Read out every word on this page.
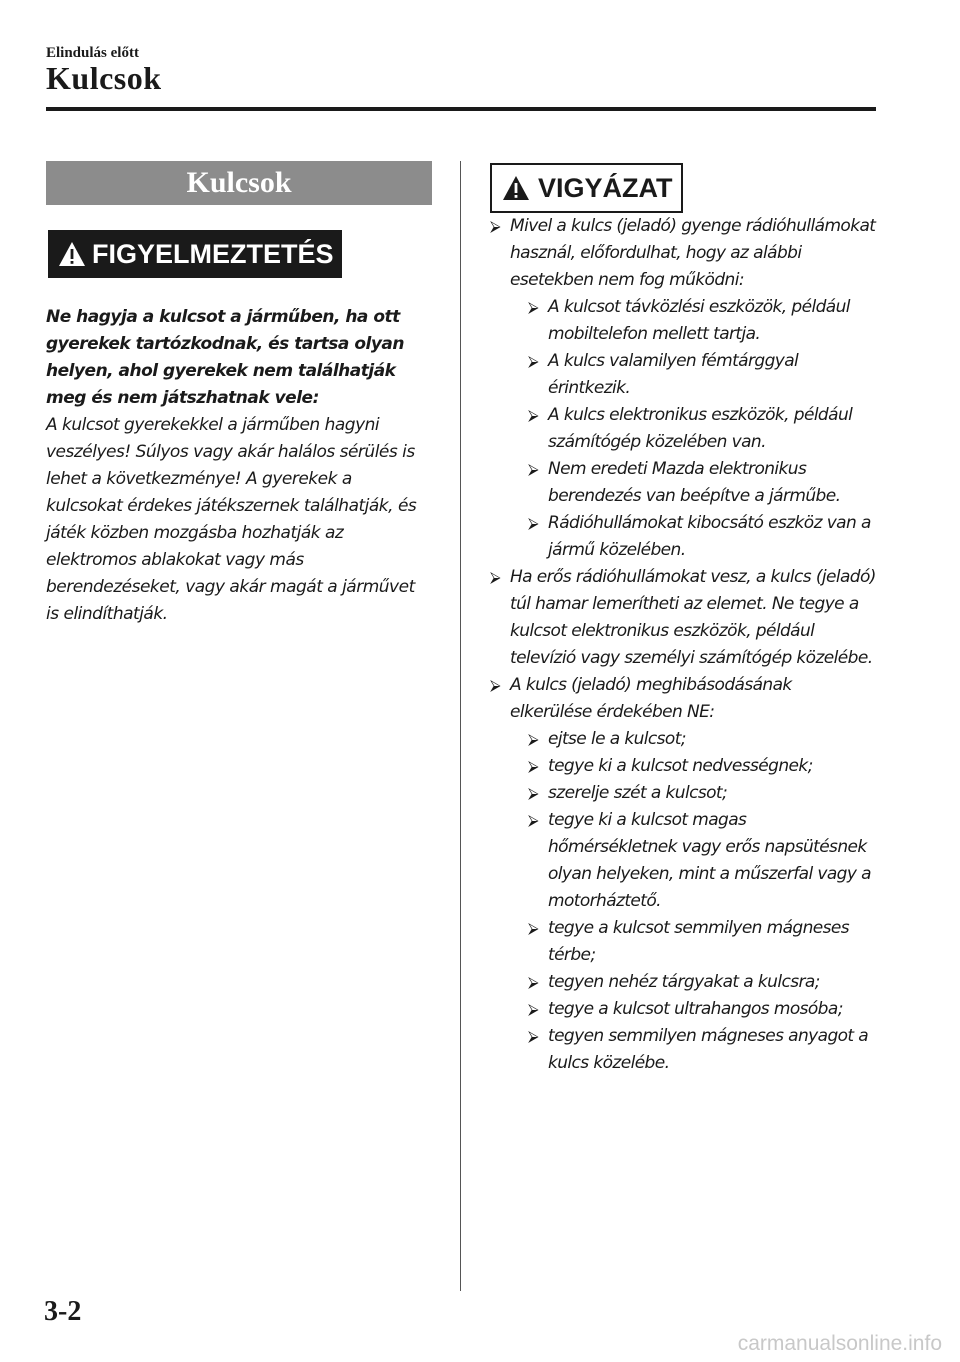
Elindulás előtt
Kulcsok
Kulcsok
FIGYELMEZTETÉS
Ne hagyja a kulcsot a járműben, ha ott gyerekek tartózkodnak, és tartsa olyan helyen, ahol gyerekek nem találhatják meg és nem játszhatnak vele:
A kulcsot gyerekekkel a járműben hagyni veszélyes! Súlyos vagy akár halálos sérülés is lehet a következménye! A gyerekek a kulcsokat érdekes játékszernek találhatják, és játék közben mozgásba hozhatják az elektromos ablakokat vagy más berendezéseket, vagy akár magát a járművet is elindíthatják.
VIGYÁZAT
⮚ Mivel a kulcs (jeladó) gyenge rádióhullámokat használ, előfordulhat, hogy az alábbi esetekben nem fog működni:
⮚ A kulcsot távközlési eszközök, például mobiltelefon mellett tartja.
⮚ A kulcs valamilyen fémtárggyal érintkezik.
⮚ A kulcs elektronikus eszközök, például számítógép közelében van.
⮚ Nem eredeti Mazda elektronikus berendezés van beépítve a járműbe.
⮚ Rádióhullámokat kibocsátó eszköz van a jármű közelében.
⮚ Ha erős rádióhullámokat vesz, a kulcs (jeladó) túl hamar lemerítheti az elemet. Ne tegye a kulcsot elektronikus eszközök, például televízió vagy személyi számítógép közelébe.
⮚ A kulcs (jeladó) meghibásodásának elkerülése érdekében NE:
⮚ ejtse le a kulcsot;
⮚ tegye ki a kulcsot nedvességnek;
⮚ szerelje szét a kulcsot;
⮚ tegye ki a kulcsot magas hőmérsékletnek vagy erős napsütésnek olyan helyeken, mint a műszerfal vagy a motorháztető.
⮚ tegye a kulcsot semmilyen mágneses térbe;
⮚ tegyen nehéz tárgyakat a kulcsra;
⮚ tegye a kulcsot ultrahangos mosóba;
⮚ tegyen semmilyen mágneses anyagot a kulcs közelébe.
3-2
carmanualsonline.info
